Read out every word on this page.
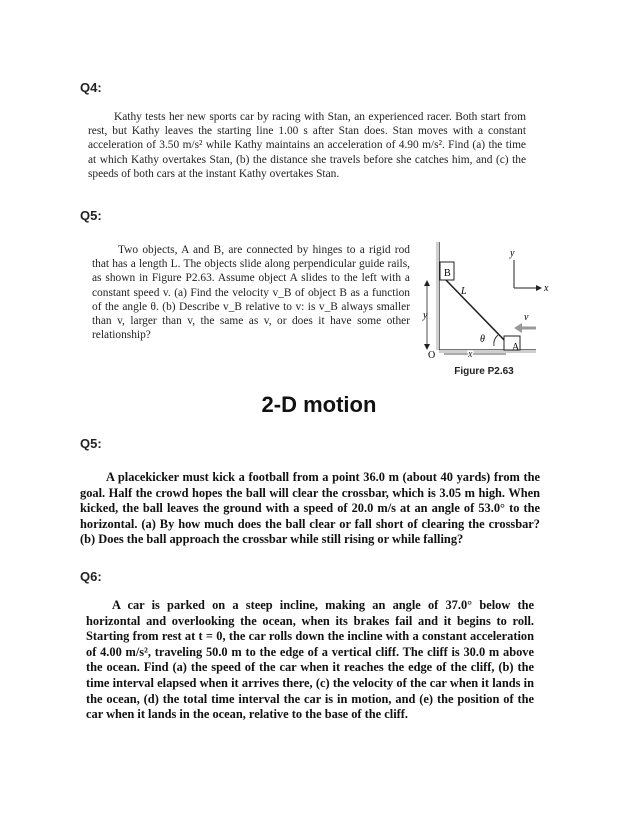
Q4:
Kathy tests her new sports car by racing with Stan, an experienced racer. Both start from rest, but Kathy leaves the starting line 1.00 s after Stan does. Stan moves with a constant acceleration of 3.50 m/s² while Kathy maintains an acceleration of 4.90 m/s². Find (a) the time at which Kathy overtakes Stan, (b) the distance she travels before she catches him, and (c) the speeds of both cars at the instant Kathy overtakes Stan.
Q5:
Two objects, A and B, are connected by hinges to a rigid rod that has a length L. The objects slide along perpendicular guide rails, as shown in Figure P2.63. Assume object A slides to the left with a constant speed v. (a) Find the velocity v_B of object B as a function of the angle θ. (b) Describe v_B relative to v: is v_B always smaller than v, larger than v, the same as v, or does it have some other relationship?
B
A
L
θ
v
y
x
O
y
x
Figure P2.63
2-D motion
Q5:
A placekicker must kick a football from a point 36.0 m (about 40 yards) from the goal. Half the crowd hopes the ball will clear the crossbar, which is 3.05 m high. When kicked, the ball leaves the ground with a speed of 20.0 m/s at an angle of 53.0° to the horizontal. (a) By how much does the ball clear or fall short of clearing the crossbar? (b) Does the ball approach the crossbar while still rising or while falling?
Q6:
A car is parked on a steep incline, making an angle of 37.0° below the horizontal and overlooking the ocean, when its brakes fail and it begins to roll. Starting from rest at t = 0, the car rolls down the incline with a constant acceleration of 4.00 m/s², traveling 50.0 m to the edge of a vertical cliff. The cliff is 30.0 m above the ocean. Find (a) the speed of the car when it reaches the edge of the cliff, (b) the time interval elapsed when it arrives there, (c) the velocity of the car when it lands in the ocean, (d) the total time interval the car is in motion, and (e) the position of the car when it lands in the ocean, relative to the base of the cliff.
